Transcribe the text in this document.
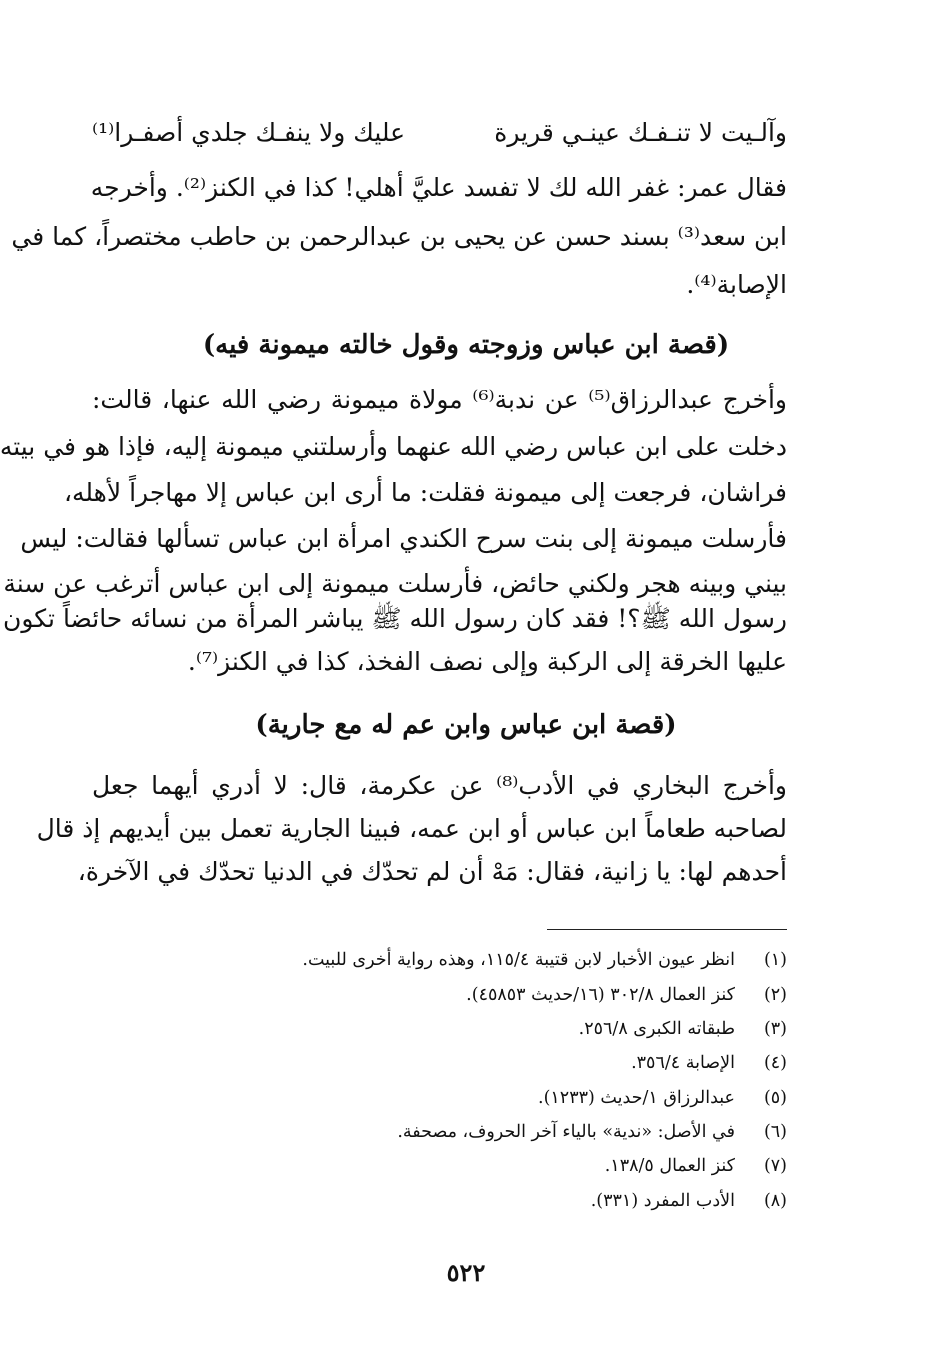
وآلـيت لا تنـفـك عينـي قريرة
عليك ولا ينفـك جلدي أصفـرا⁽¹⁾
فقال عمر: غفر الله لك لا تفسد عليَّ أهلي! كذا في الكنز⁽²⁾. وأخرجه
ابن سعد⁽³⁾ بسند حسن عن يحيى بن عبدالرحمن بن حاطب مختصراً، كما في
الإصابة⁽⁴⁾.
(قصة ابن عباس وزوجته وقول خالته ميمونة فيه)
وأخرج عبدالرزاق⁽⁵⁾ عن ندبة⁽⁶⁾ مولاة ميمونة رضي الله عنها، قالت:
دخلت على ابن عباس رضي الله عنهما وأرسلتني ميمونة إليه، فإذا هو في بيته
فراشان، فرجعت إلى ميمونة فقلت: ما أرى ابن عباس إلا مهاجراً لأهله،
فأرسلت ميمونة إلى بنت سرح الكندي امرأة ابن عباس تسألها فقالت: ليس
بيني وبينه هجر ولكني حائض، فأرسلت ميمونة إلى ابن عباس أترغب عن سنة
رسول الله ﷺ؟! فقد كان رسول الله ﷺ يباشر المرأة من نسائه حائضاً تكون
عليها الخرقة إلى الركبة وإلى نصف الفخذ، كذا في الكنز⁽⁷⁾.
(قصة ابن عباس وابن عم له مع جارية)
وأخرج البخاري في الأدب⁽⁸⁾ عن عكرمة، قال: لا أدري أيهما جعل
لصاحبه طعاماً ابن عباس أو ابن عمه، فبينا الجارية تعمل بين أيديهم إذ قال
أحدهم لها: يا زانية، فقال: مَهْ أن لم تحدّك في الدنيا تحدّك في الآخرة،
(١)انظر عيون الأخبار لابن قتيبة ١١٥/٤، وهذه رواية أخرى للبيت.
(٢)كنز العمال ٣٠٢/٨ (١٦/حديث ٤٥٨٥٣).
(٣)طبقاته الكبرى ٢٥٦/٨.
(٤)الإصابة ٣٥٦/٤.
(٥)عبدالرزاق ١/حديث (١٢٣٣).
(٦)في الأصل: «ندية» بالياء آخر الحروف، مصحفة.
(٧)كنز العمال ١٣٨/٥.
(٨)الأدب المفرد (٣٣١).
٥٢٢
